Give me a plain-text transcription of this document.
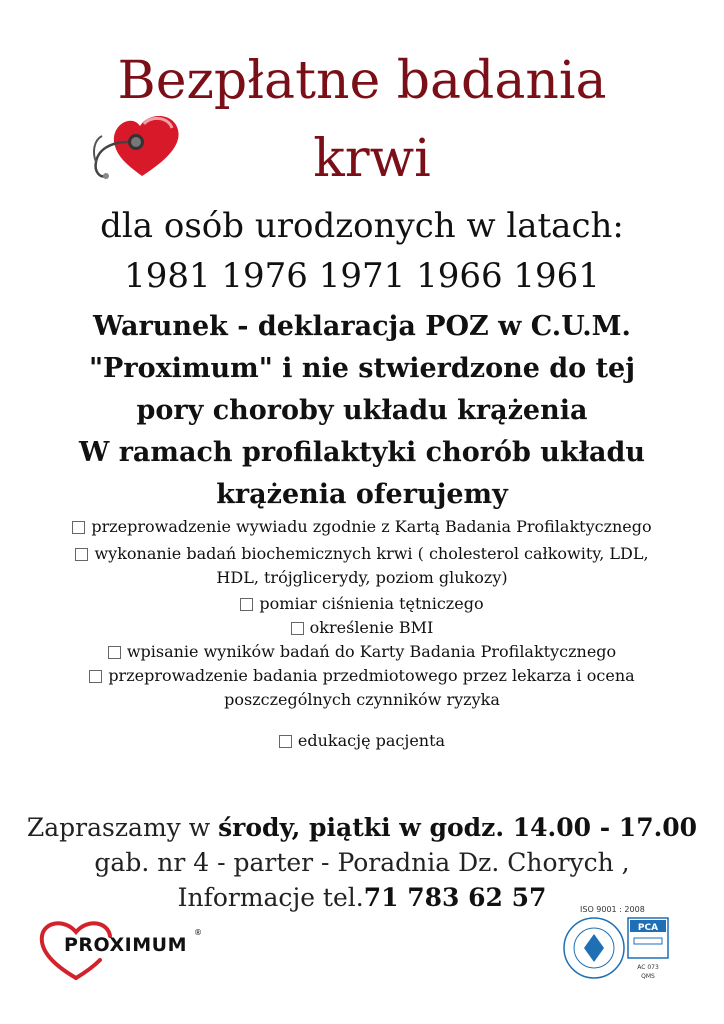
Bezpłatne badania
krwi
dla osób urodzonych w latach:
1981 1976 1971 1966 1961
Warunek - deklaracja POZ w C.U.M.
"Proximum" i nie stwierdzone do tej
pory choroby układu krążenia
W ramach profilaktyki chorób układu
krążenia oferujemy
przeprowadzenie wywiadu zgodnie z Kartą Badania Profilaktycznego
wykonanie badań biochemicznych krwi ( cholesterol całkowity, LDL,
HDL, trójglicerydy, poziom glukozy)
pomiar ciśnienia tętniczego
określenie BMI
wpisanie wyników badań do Karty Badania Profilaktycznego
przeprowadzenie badania przedmiotowego przez lekarza i ocena
poszczególnych czynników ryzyka
edukację pacjenta
Zapraszamy w środy, piątki w godz. 14.00 - 17.00
gab. nr 4 - parter - Poradnia Dz. Chorych ,
Informacje tel.71 783 62 57
PROXIMUM
®	PCA
AC 073
QMS
ISO 9001 : 2008
